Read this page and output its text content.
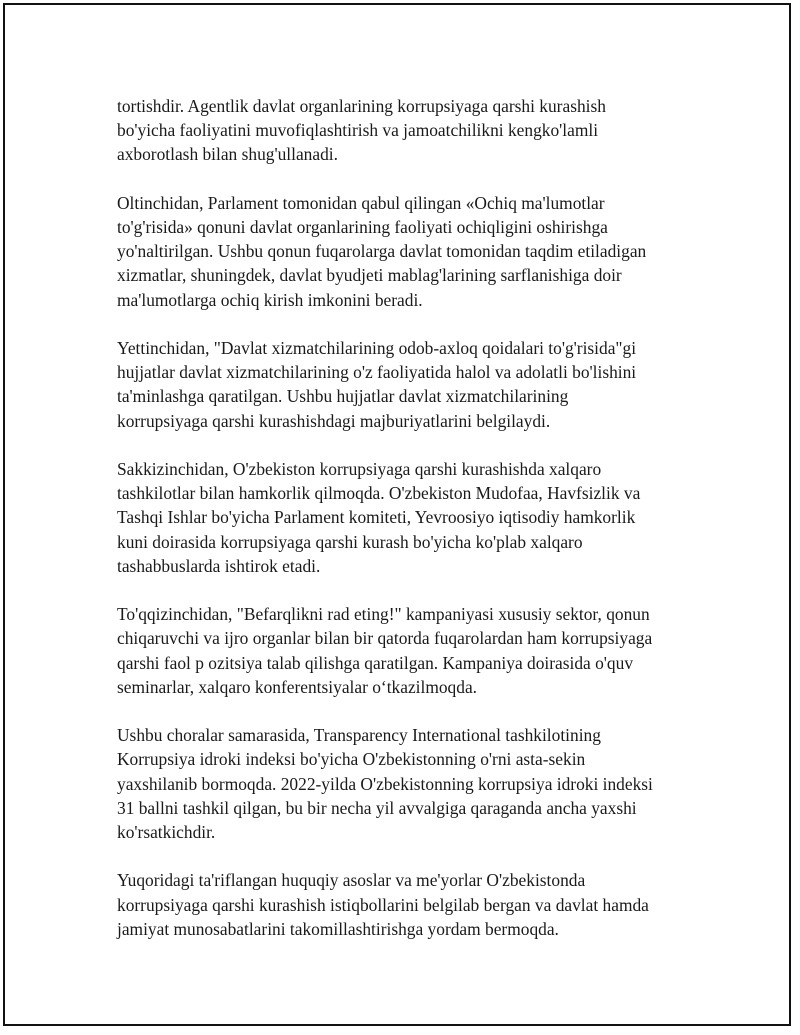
tortishdir. Agentlik davlat organlarining korrupsiyaga qarshi kurashish
bo'yicha faoliyatini muvofiqlashtirish va jamoatchilikni kengko'lamli
axborotlash bilan shug'ullanadi.

Oltinchidan, Parlament tomonidan qabul qilingan «Ochiq ma'lumotlar
to'g'risida» qonuni davlat organlarining faoliyati ochiqligini oshirishga
yo'naltirilgan. Ushbu qonun fuqarolarga davlat tomonidan taqdim etiladigan
xizmatlar, shuningdek, davlat byudjeti mablag'larining sarflanishiga doir
ma'lumotlarga ochiq kirish imkonini beradi.

Yettinchidan, "Davlat xizmatchilarining odob-axloq qoidalari to'g'risida"gi
hujjatlar davlat xizmatchilarining o'z faoliyatida halol va adolatli bo'lishini
ta'minlashga qaratilgan. Ushbu hujjatlar davlat xizmatchilarining
korrupsiyaga qarshi kurashishdagi majburiyatlarini belgilaydi.

Sakkizinchidan, O'zbekiston korrupsiyaga qarshi kurashishda xalqaro
tashkilotlar bilan hamkorlik qilmoqda. O'zbekiston Mudofaa, Havfsizlik va
Tashqi Ishlar bo'yicha Parlament komiteti, Yevroosiyo iqtisodiy hamkorlik
kuni doirasida korrupsiyaga qarshi kurash bo'yicha ko'plab xalqaro
tashabbuslarda ishtirok etadi.

To'qqizinchidan, "Befarqlikni rad eting!" kampaniyasi xususiy sektor, qonun
chiqaruvchi va ijro organlar bilan bir qatorda fuqarolardan ham korrupsiyaga
qarshi faol p ozitsiya talab qilishga qaratilgan. Kampaniya doirasida o'quv
seminarlar, xalqaro konferentsiyalar o‘tkazilmoqda.

Ushbu choralar samarasida, Transparency International tashkilotining
Korrupsiya idroki indeksi bo'yicha O'zbekistonning o'rni asta-sekin
yaxshilanib bormoqda. 2022-yilda O'zbekistonning korrupsiya idroki indeksi
31 ballni tashkil qilgan, bu bir necha yil avvalgiga qaraganda ancha yaxshi
ko'rsatkichdir.

Yuqoridagi ta'riflangan huquqiy asoslar va me'yorlar O'zbekistonda
korrupsiyaga qarshi kurashish istiqbollarini belgilab bergan va davlat hamda
jamiyat munosabatlarini takomillashtirishga yordam bermoqda.
